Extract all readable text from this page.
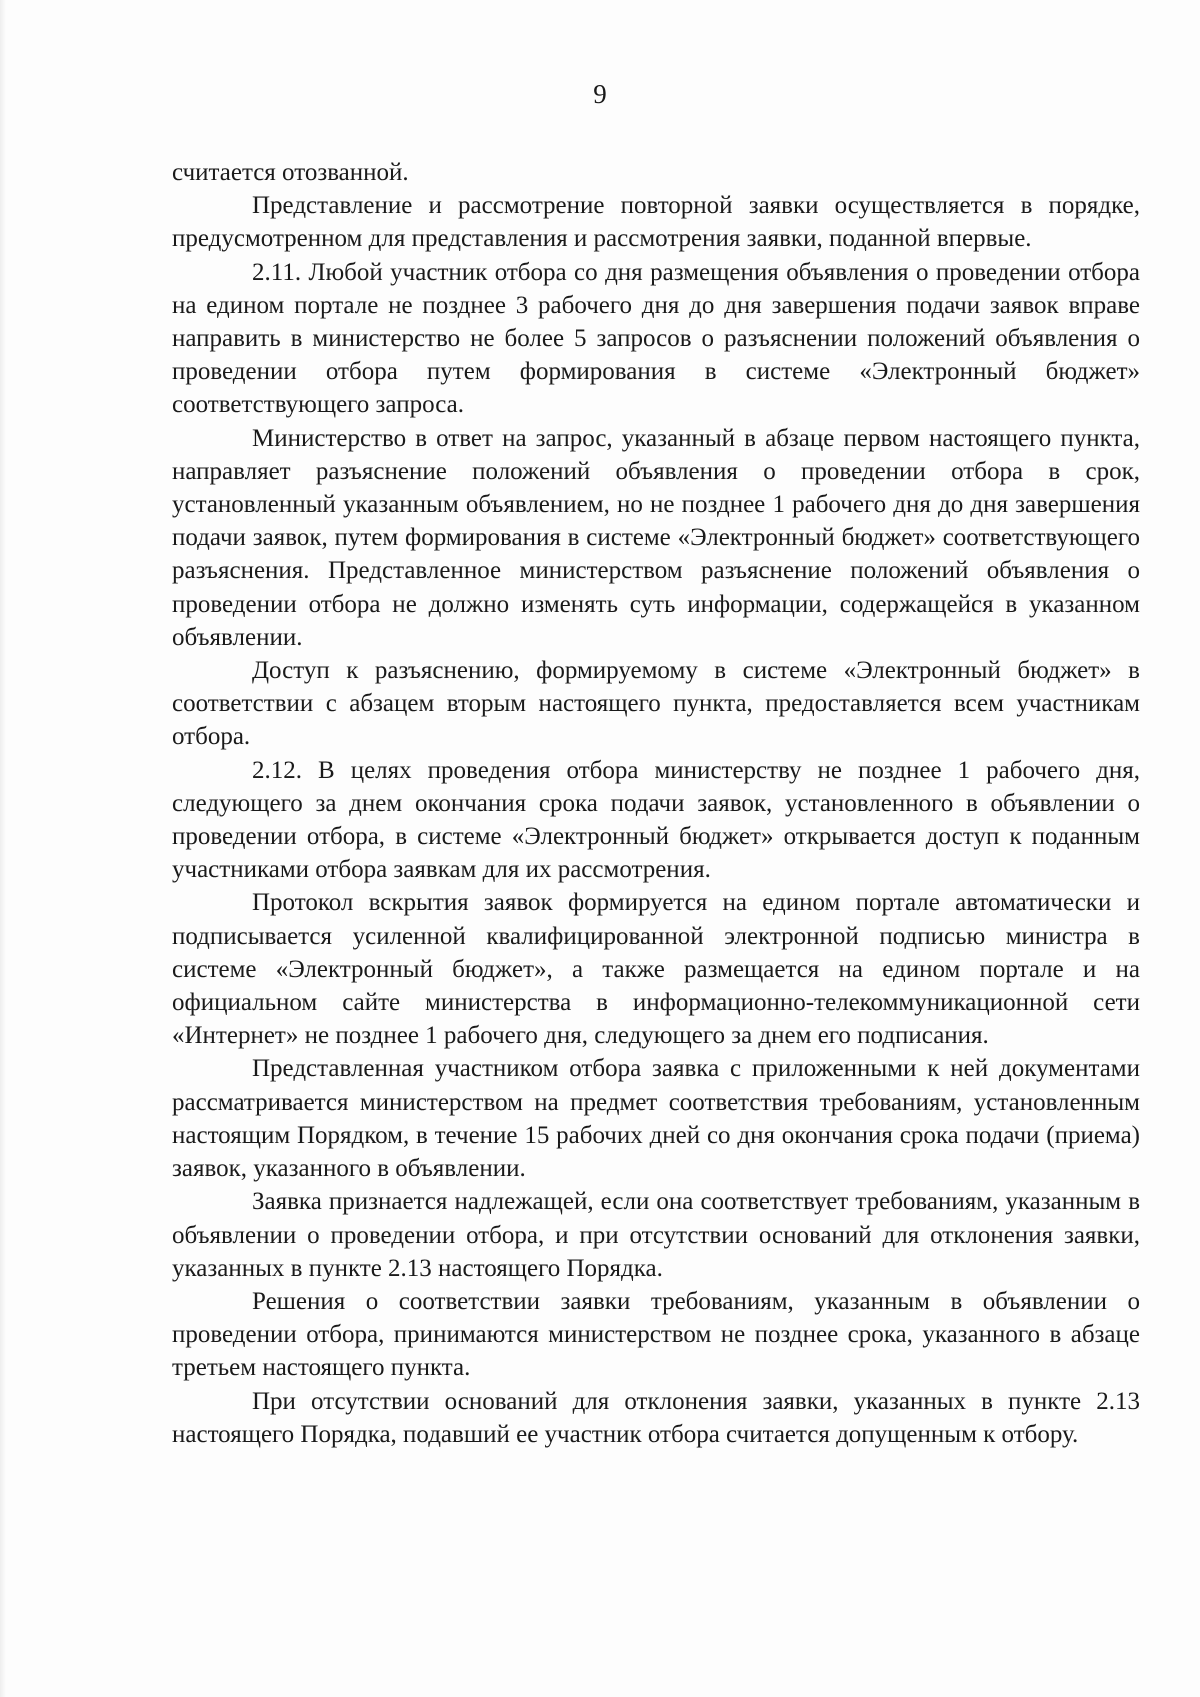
9

считается отозванной.

Представление и рассмотрение повторной заявки осуществляется в порядке, предусмотренном для представления и рассмотрения заявки, поданной впервые.

2.11. Любой участник отбора со дня размещения объявления о проведении отбора на едином портале не позднее 3 рабочего дня до дня завершения подачи заявок вправе направить в министерство не более 5 запросов о разъяснении положений объявления о проведении отбора путем формирования в системе «Электронный бюджет» соответствующего запроса.

Министерство в ответ на запрос, указанный в абзаце первом настоящего пункта, направляет разъяснение положений объявления о проведении отбора в срок, установленный указанным объявлением, но не позднее 1 рабочего дня до дня завершения подачи заявок, путем формирования в системе «Электронный бюджет» соответствующего разъяснения. Представленное министерством разъяснение положений объявления о проведении отбора не должно изменять суть информации, содержащейся в указанном объявлении.

Доступ к разъяснению, формируемому в системе «Электронный бюджет» в соответствии с абзацем вторым настоящего пункта, предоставляется всем участникам отбора.

2.12. В целях проведения отбора министерству не позднее 1 рабочего дня, следующего за днем окончания срока подачи заявок, установленного в объявлении о проведении отбора, в системе «Электронный бюджет» открывается доступ к поданным участниками отбора заявкам для их рассмотрения.

Протокол вскрытия заявок формируется на едином портале автоматически и подписывается усиленной квалифицированной электронной подписью министра в системе «Электронный бюджет», а также размещается на едином портале и на официальном сайте министерства в информационно-телекоммуникационной сети «Интернет» не позднее 1 рабочего дня, следующего за днем его подписания.

Представленная участником отбора заявка с приложенными к ней документами рассматривается министерством на предмет соответствия требованиям, установленным настоящим Порядком, в течение 15 рабочих дней со дня окончания срока подачи (приема) заявок, указанного в объявлении.

Заявка признается надлежащей, если она соответствует требованиям, указанным в объявлении о проведении отбора, и при отсутствии оснований для отклонения заявки, указанных в пункте 2.13 настоящего Порядка.

Решения о соответствии заявки требованиям, указанным в объявлении о проведении отбора, принимаются министерством не позднее срока, указанного в абзаце третьем настоящего пункта.

При отсутствии оснований для отклонения заявки, указанных в пункте 2.13 настоящего Порядка, подавший ее участник отбора считается допущенным к отбору.
